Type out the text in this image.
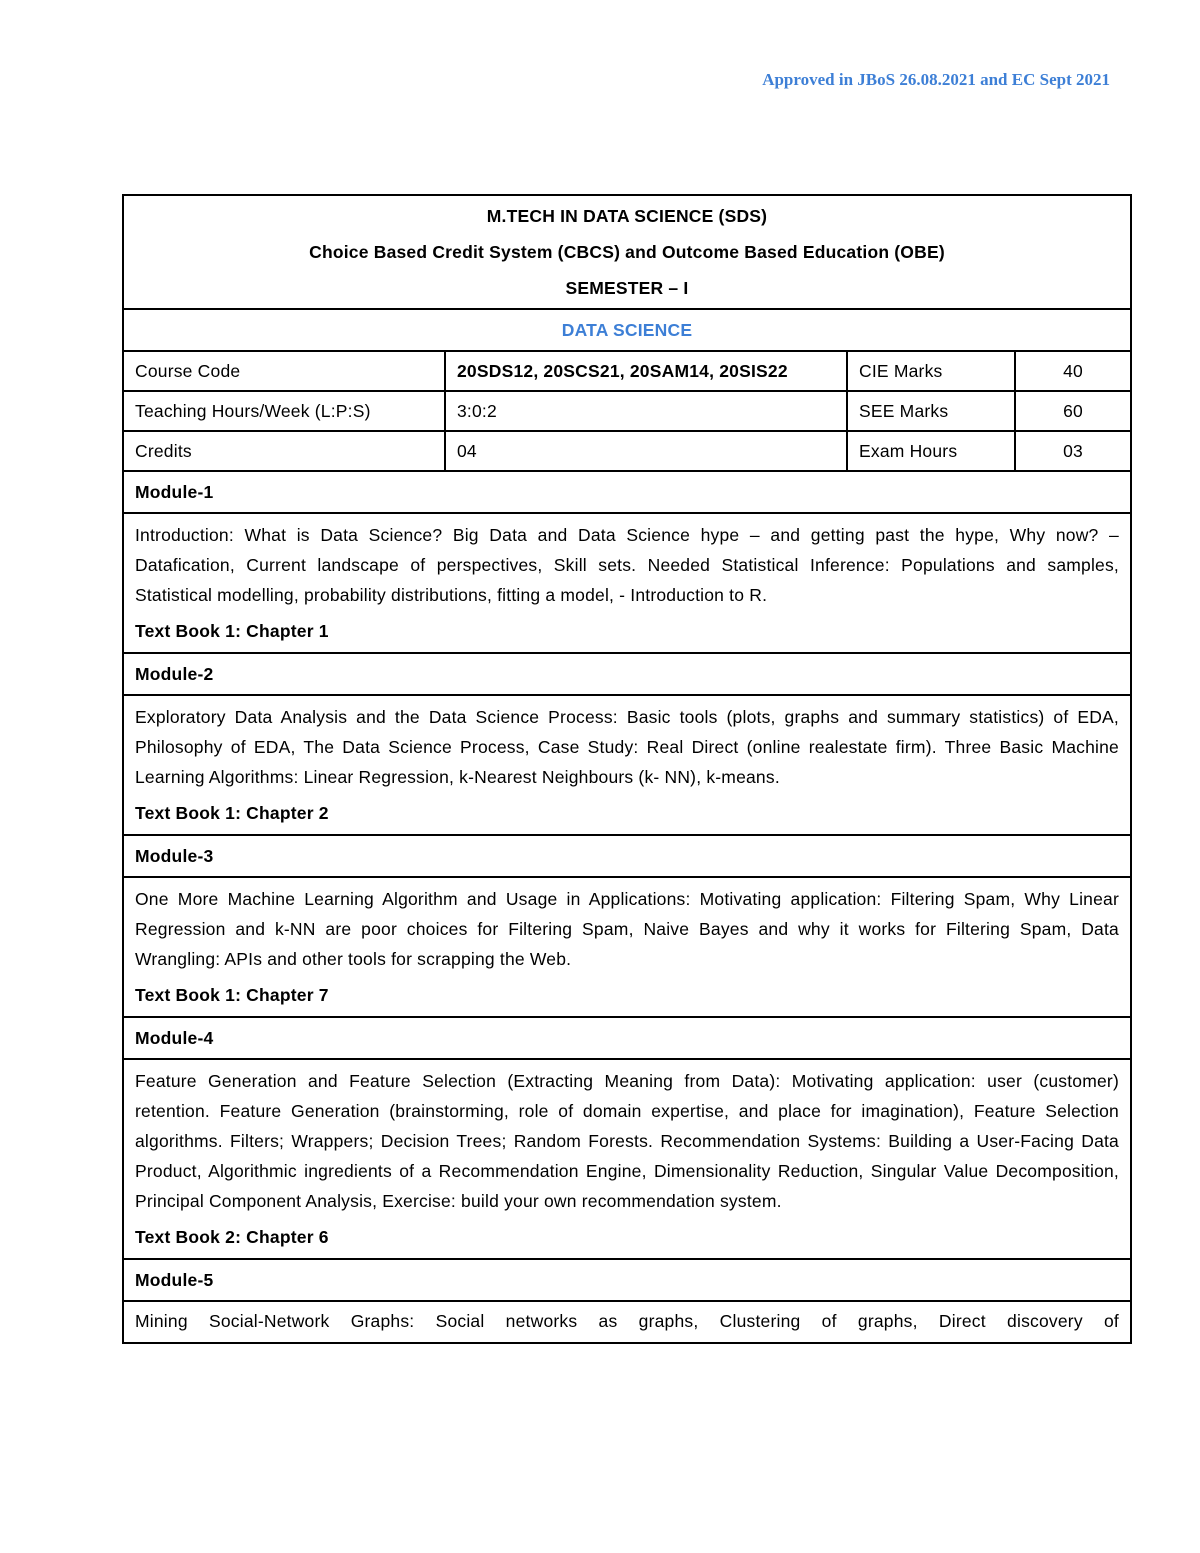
Approved in JBoS 26.08.2021 and EC Sept 2021
M.TECH IN DATA SCIENCE (SDS)
Choice Based Credit System (CBCS) and Outcome Based Education (OBE)
SEMESTER – I			

DATA SCIENCE			
Course Code	20SDS12, 20SCS21, 20SAM14, 20SIS22	CIE Marks	40
Teaching Hours/Week (L:P:S)	3:0:2	SEE Marks	60
Credits	04	Exam Hours	03
Module-1			

Introduction: What is Data Science? Big Data and Data Science hype – and getting past the hype, Why now? – Datafication, Current landscape of perspectives, Skill sets. Needed Statistical Inference: Populations and samples, Statistical modelling, probability distributions, fitting a model, - Introduction to R.

Text Book 1: Chapter 1			

Module-2			

Exploratory Data Analysis and the Data Science Process: Basic tools (plots, graphs and summary statistics) of EDA, Philosophy of EDA, The Data Science Process, Case Study: Real Direct (online realestate firm). Three Basic Machine Learning Algorithms: Linear Regression, k-Nearest Neighbours (k- NN), k-means.

Text Book 1: Chapter 2			

Module-3			

One More Machine Learning Algorithm and Usage in Applications: Motivating application: Filtering Spam, Why Linear Regression and k-NN are poor choices for Filtering Spam, Naive Bayes and why it works for Filtering Spam, Data Wrangling: APIs and other tools for scrapping the Web.

Text Book 1: Chapter 7			

Module-4			

Feature Generation and Feature Selection (Extracting Meaning from Data): Motivating application: user (customer) retention. Feature Generation (brainstorming, role of domain expertise, and place for imagination), Feature Selection algorithms. Filters; Wrappers; Decision Trees; Random Forests. Recommendation Systems: Building a User-Facing Data Product, Algorithmic ingredients of a Recommendation Engine, Dimensionality Reduction, Singular Value Decomposition, Principal Component Analysis, Exercise: build your own recommendation system.

Text Book 2: Chapter 6			

Module-5			

Mining Social-Network Graphs: Social networks as graphs, Clustering of graphs, Direct discovery of			
